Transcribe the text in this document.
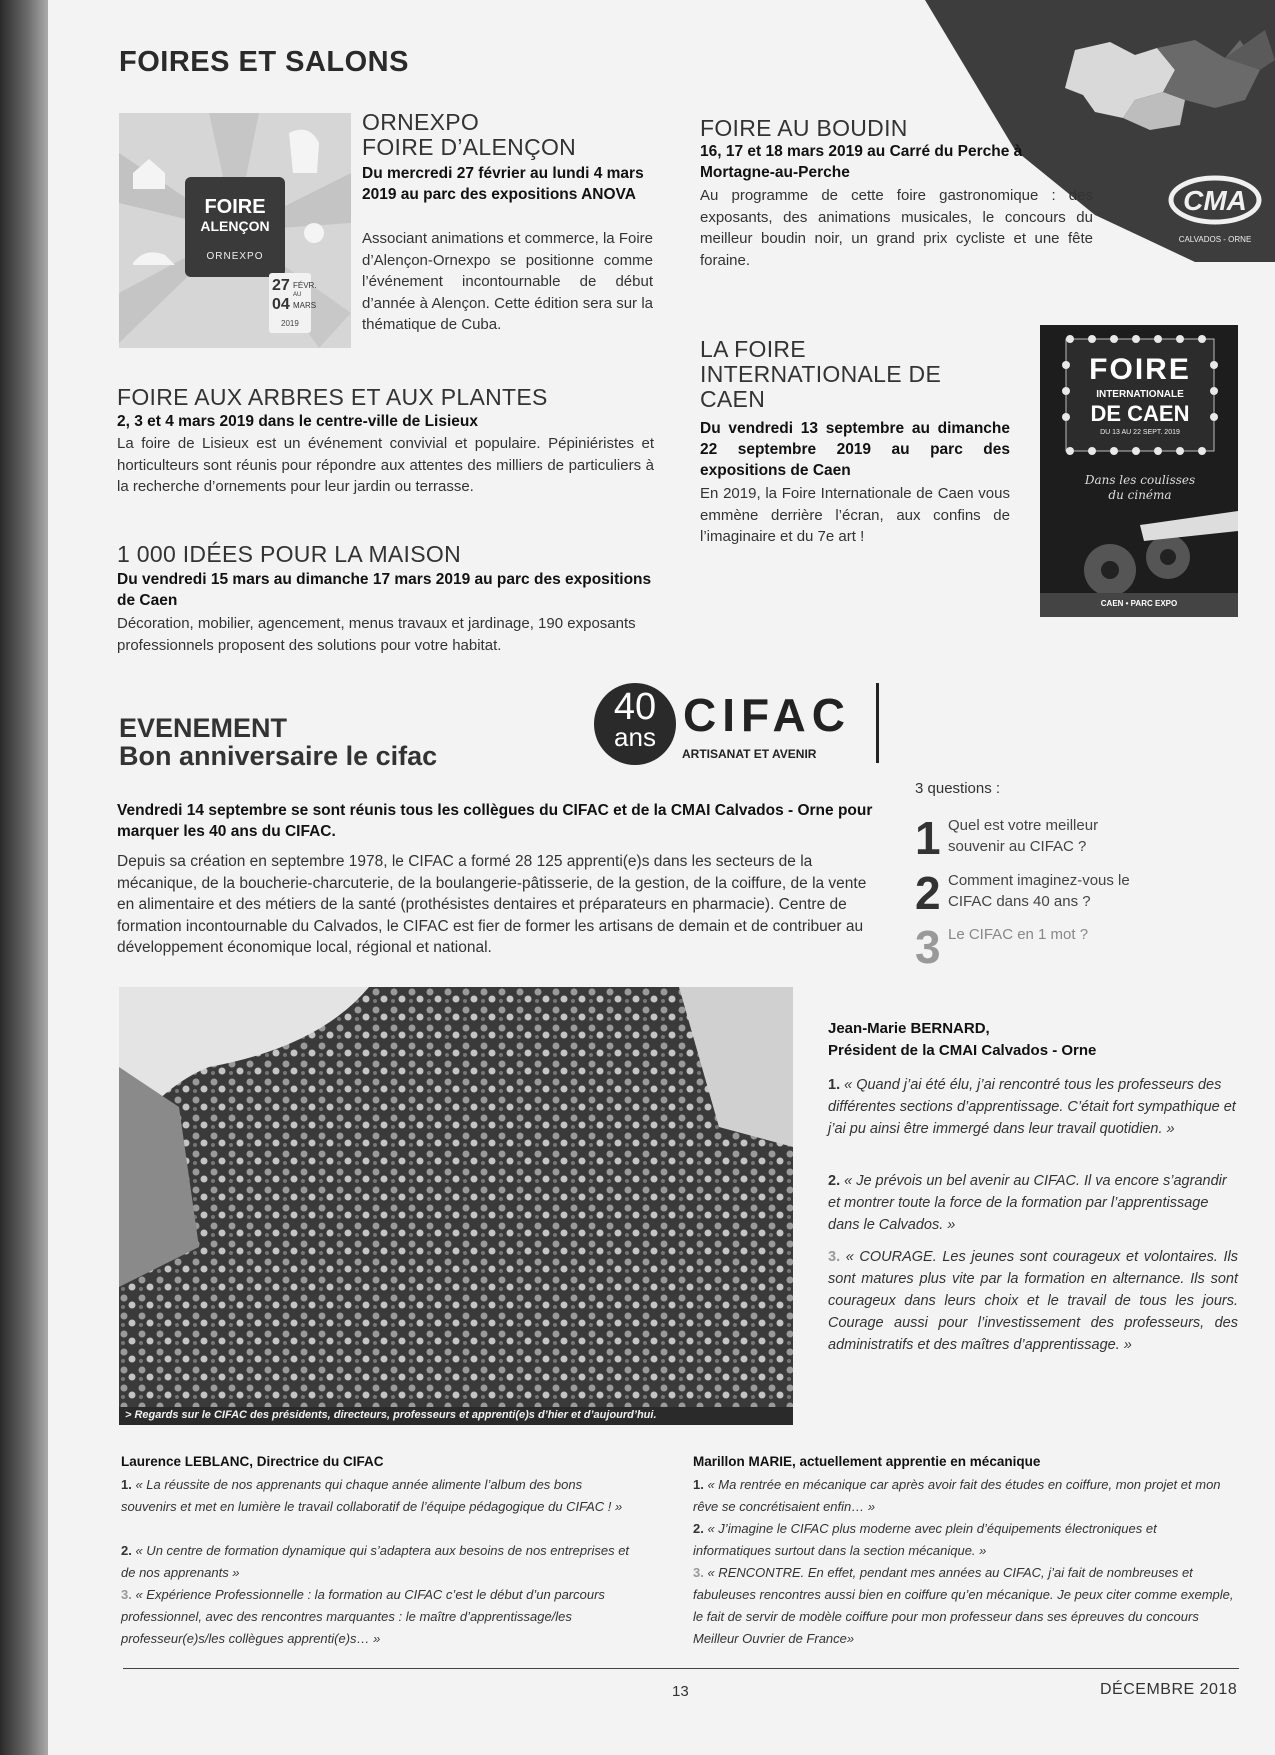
CMA
CALVADOS - ORNE
FOIRES ET SALONS
FOIRE
ALENÇON
ORNEXPO
27 FÉVR.
04 MARS
AU
2019
ORNEXPO
FOIRE D’ALENÇON
Du mercredi 27 février au lundi 4 mars 2019 au parc des expositions ANOVA
Associant animations et commerce, la Foire d’Alençon-Ornexpo se positionne comme l’événement incontournable de début d’année à Alençon. Cette édition sera sur la thématique de Cuba.
FOIRE AUX ARBRES ET AUX PLANTES
2, 3 et 4 mars 2019 dans le centre-ville de Lisieux
La foire de Lisieux est un événement convivial et populaire. Pépiniéristes et horticulteurs sont réunis pour répondre aux attentes des milliers de particuliers à la recherche d’ornements pour leur jardin ou terrasse.
1 000 IDÉES POUR LA MAISON
Du vendredi 15 mars au dimanche 17 mars 2019 au parc des expositions de Caen
Décoration, mobilier, agencement, menus travaux et jardinage, 190 exposants professionnels proposent des solutions pour votre habitat.
FOIRE AU BOUDIN
16, 17 et 18 mars 2019 au Carré du Perche à Mortagne-au-Perche
Au programme de cette foire gastronomique : des exposants, des animations musicales, le concours du meilleur boudin noir, un grand prix cycliste et une fête foraine.
LA FOIRE INTERNATIONALE DE CAEN
Du vendredi 13 septembre au dimanche 22 septembre 2019 au parc des expositions de Caen
En 2019, la Foire Internationale de Caen vous emmène derrière l’écran, aux confins de l’imaginaire et du 7e art !
FOIRE
INTERNATIONALE
DE CAEN
DU 13 AU 22 SEPT. 2019
Dans les coulisses du cinéma
CAEN • PARC EXPO
EVENEMENT
Bon anniversaire le cifac
40
ans CIFAC
ARTISANAT ET AVENIR
Vendredi 14 septembre se sont réunis tous les collègues du CIFAC et de la CMAI Calvados - Orne pour marquer les 40 ans du CIFAC.
Depuis sa création en septembre 1978, le CIFAC a formé 28 125 apprenti(e)s dans les secteurs de la mécanique, de la boucherie-charcuterie, de la boulangerie-pâtisserie, de la gestion, de la coiffure, de la vente en alimentaire et des métiers de la santé (prothésistes dentaires et préparateurs en pharmacie). Centre de formation incontournable du Calvados, le CIFAC est fier de former les artisans de demain et de contribuer au développement économique local, régional et national.
3 questions :
1 Quel est votre meilleur souvenir au CIFAC ?
2 Comment imaginez-vous le CIFAC dans 40 ans ?
3 Le CIFAC en 1 mot ?
> Regards sur le CIFAC des présidents, directeurs, professeurs et apprenti(e)s d’hier et d’aujourd’hui.
Jean-Marie BERNARD,
Président de la CMAI Calvados - Orne
1. « Quand j’ai été élu, j’ai rencontré tous les professeurs des différentes sections d’apprentissage. C’était fort sympathique et j’ai pu ainsi être immergé dans leur travail quotidien. »
2. « Je prévois un bel avenir au CIFAC. Il va encore s’agrandir et montrer toute la force de la formation par l’apprentissage dans le Calvados. »
3. « COURAGE. Les jeunes sont courageux et volontaires. Ils sont matures plus vite par la formation en alternance. Ils sont courageux dans leurs choix et le travail de tous les jours. Courage aussi pour l’investissement des professeurs, des administratifs et des maîtres d’apprentissage. »
Laurence LEBLANC, Directrice du CIFAC
1. « La réussite de nos apprenants qui chaque année alimente l’album des bons souvenirs et met en lumière le travail collaboratif de l’équipe pédagogique du CIFAC ! »
2. « Un centre de formation dynamique qui s’adaptera aux besoins de nos entreprises et de nos apprenants »
3. « Expérience Professionnelle : la formation au CIFAC c’est le début d’un parcours professionnel, avec des rencontres marquantes : le maître d’apprentissage/les professeur(e)s/les collègues apprenti(e)s… »
Marillon MARIE, actuellement apprentie en mécanique
1. « Ma rentrée en mécanique car après avoir fait des études en coiffure, mon projet et mon rêve se concrétisaient enfin… »
2. « J’imagine le CIFAC plus moderne avec plein d’équipements électroniques et informatiques surtout dans la section mécanique. »
3. « RENCONTRE. En effet, pendant mes années au CIFAC, j’ai fait de nombreuses et fabuleuses rencontres aussi bien en coiffure qu’en mécanique. Je peux citer comme exemple, le fait de servir de modèle coiffure pour mon professeur dans ses épreuves du concours Meilleur Ouvrier de France»
13	DÉCEMBRE 2018
